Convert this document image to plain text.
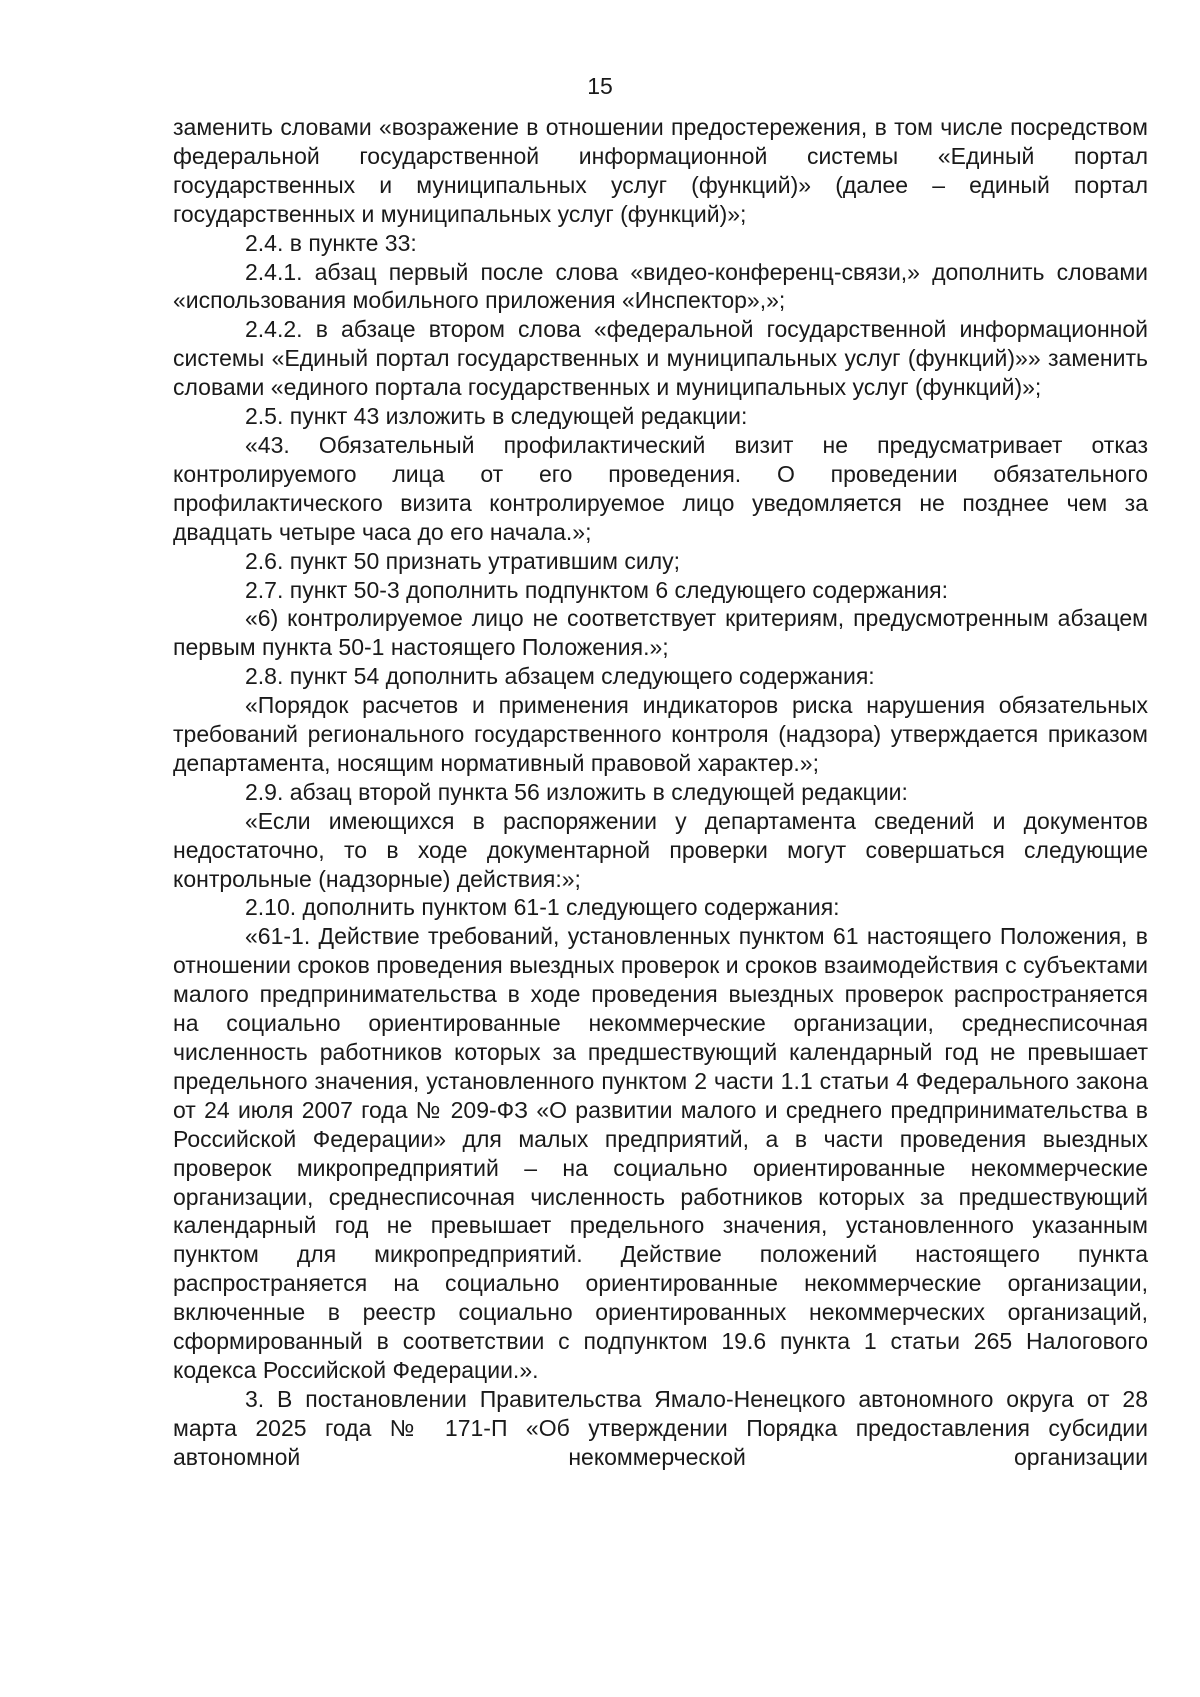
15

заменить словами «возражение в отношении предостережения, в том числе посредством федеральной государственной информационной системы «Единый портал государственных и муниципальных услуг (функций)» (далее – единый портал государственных и муниципальных услуг (функций)»;

2.4. в пункте 33:

2.4.1. абзац первый после слова «видео-конференц-связи,» дополнить словами «использования мобильного приложения «Инспектор»,»;

2.4.2. в абзаце втором слова «федеральной государственной информационной системы «Единый портал государственных и муниципальных услуг (функций)»» заменить словами «единого портала государственных и муниципальных услуг (функций)»;

2.5. пункт 43 изложить в следующей редакции:

«43. Обязательный профилактический визит не предусматривает отказ контролируемого лица от его проведения. О проведении обязательного профилактического визита контролируемое лицо уведомляется не позднее чем за двадцать четыре часа до его начала.»;

2.6. пункт 50 признать утратившим силу;

2.7. пункт 50-3 дополнить подпунктом 6 следующего содержания:

«6) контролируемое лицо не соответствует критериям, предусмотренным абзацем первым пункта 50-1 настоящего Положения.»;

2.8. пункт 54 дополнить абзацем следующего содержания:

«Порядок расчетов и применения индикаторов риска нарушения обязательных требований регионального государственного контроля (надзора) утверждается приказом департамента, носящим нормативный правовой характер.»;

2.9. абзац второй пункта 56 изложить в следующей редакции:

«Если имеющихся в распоряжении у департамента сведений и документов недостаточно, то в ходе документарной проверки могут совершаться следующие контрольные (надзорные) действия:»;

2.10. дополнить пунктом 61-1 следующего содержания:

«61-1. Действие требований, установленных пунктом 61 настоящего Положения, в отношении сроков проведения выездных проверок и сроков взаимодействия с субъектами малого предпринимательства в ходе проведения выездных проверок распространяется на социально ориентированные некоммерческие организации, среднесписочная численность работников которых за предшествующий календарный год не превышает предельного значения, установленного пунктом 2 части 1.1 статьи 4 Федерального закона от 24 июля 2007 года № 209-ФЗ «О развитии малого и среднего предпринимательства в Российской Федерации» для малых предприятий, а в части проведения выездных проверок микропредприятий – на социально ориентированные некоммерческие организации, среднесписочная численность работников которых за предшествующий календарный год не превышает предельного значения, установленного указанным пунктом для микропредприятий. Действие положений настоящего пункта распространяется на социально ориентированные некоммерческие организации, включенные в реестр социально ориентированных некоммерческих организаций, сформированный в соответствии с подпунктом 19.6 пункта 1 статьи 265 Налогового кодекса Российской Федерации.».

3. В постановлении Правительства Ямало-Ненецкого автономного округа от 28 марта 2025 года № 171-П «Об утверждении Порядка предоставления субсидии автономной некоммерческой организации
